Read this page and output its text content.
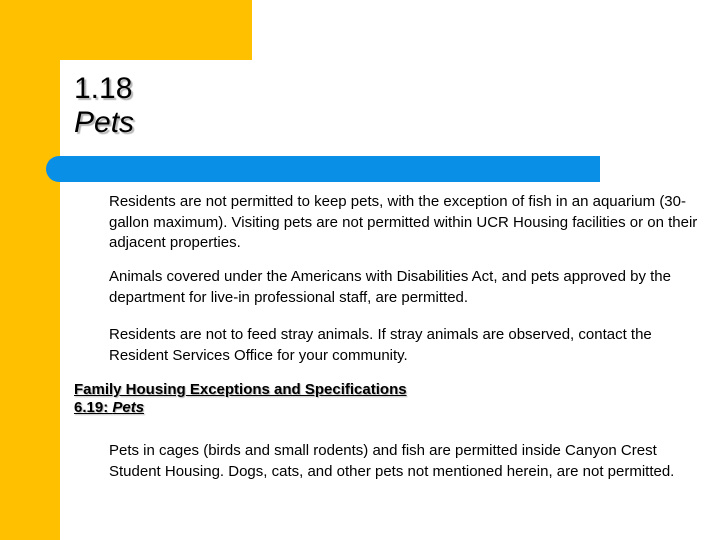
1.18
Pets

Residents are not permitted to keep pets, with the exception of fish in an aquarium (30-gallon maximum). Visiting pets are not permitted within UCR Housing facilities or on their adjacent properties.

Animals covered under the Americans with Disabilities Act, and pets approved by the department for live-in professional staff, are permitted.

Residents are not to feed stray animals. If stray animals are observed, contact the Resident Services Office for your community.

Family Housing Exceptions and Specifications
6.19: Pets

Pets in cages (birds and small rodents) and fish are permitted inside Canyon Crest Student Housing. Dogs, cats, and other pets not mentioned herein, are not permitted.
